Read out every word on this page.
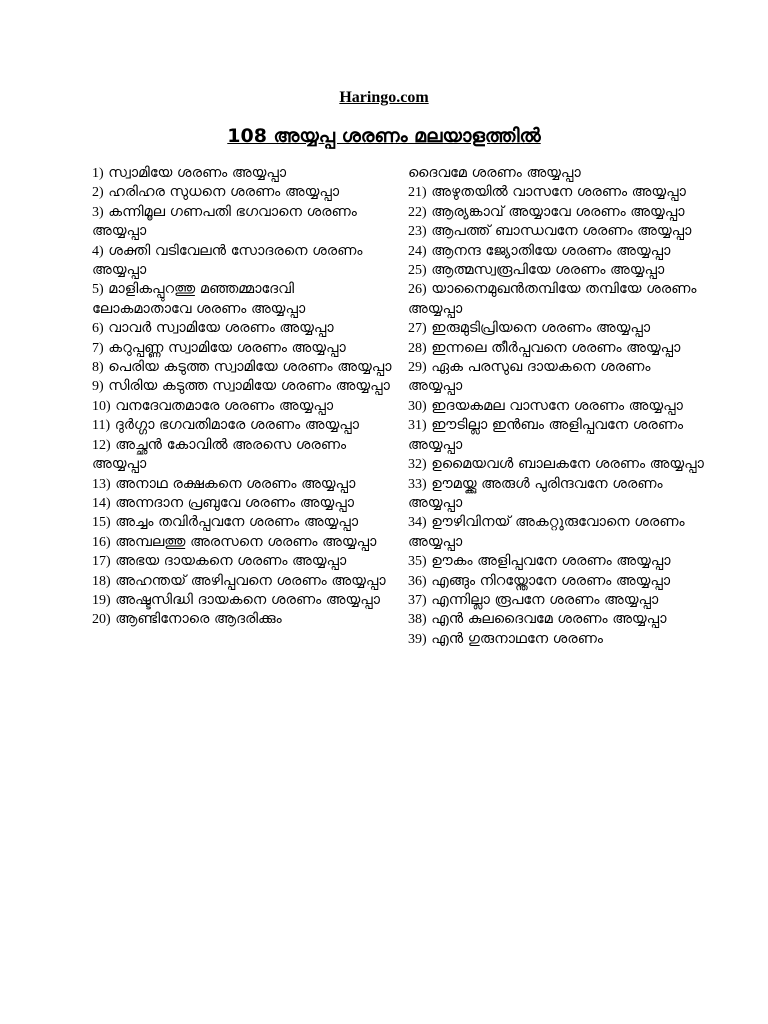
Haringo.com
108 അയ്യപ്പ ശരണം മലയാളത്തിൽ

1) സ്വാമിയേ ശരണം അയ്യപ്പാ

2) ഹരിഹര സുധനെ ശരണം അയ്യപ്പാ

3) കന്നിമൂല ഗണപതി ഭഗവാനെ ശരണം അയ്യപ്പാ

4) ശക്തി വടിവേലൻ സോദരനെ ശരണം അയ്യപ്പാ

5) മാളികപ്പുറത്തു മഞ്ഞമ്മാദേവി ലോകമാതാവേ ശരണം അയ്യപ്പാ

6) വാവർ സ്വാമിയേ ശരണം അയ്യപ്പാ

7) കറുപ്പണ്ണ സ്വാമിയേ ശരണം അയ്യപ്പാ

8) പെരിയ കടുത്ത സ്വാമിയേ ശരണം അയ്യപ്പാ

9) സിരിയ കടുത്ത സ്വാമിയേ ശരണം അയ്യപ്പാ

10) വനദേവതമാരേ ശരണം അയ്യപ്പാ

11) ദുർഗ്ഗാ ഭഗവതിമാരേ ശരണം അയ്യപ്പാ

12) അച്ഛൻ കോവിൽ അരസെ ശരണം അയ്യപ്പാ

13) അനാഥ രക്ഷകനെ ശരണം അയ്യപ്പാ

14) അന്നദാന പ്രബുവേ ശരണം അയ്യപ്പാ

15) അച്ചം തവിർപ്പവനേ ശരണം അയ്യപ്പാ

16) അമ്പലത്തു അരസനെ ശരണം അയ്യപ്പാ

17) അഭയ ദായകനെ ശരണം അയ്യപ്പാ

18) അഹന്തയ് അഴിപ്പവനെ ശരണം അയ്യപ്പാ

19) അഷ്ടസിദ്ധി ദായകനെ ശരണം അയ്യപ്പാ

20) ആണ്ടിനോരെ ആദരിക്കും

ദൈവമേ ശരണം അയ്യപ്പാ

21) അഴുതയിൽ വാസനേ ശരണം അയ്യപ്പാ

22) ആര്യങ്കാവ് അയ്യാവേ ശരണം അയ്യപ്പാ

23) ആപത്ത് ബാന്ധവനേ ശരണം അയ്യപ്പാ

24) ആനന്ദ ജ്യോതിയേ ശരണം അയ്യപ്പാ

25) ആത്മസ്വരൂപിയേ ശരണം അയ്യപ്പാ

26) യാനൈമുഖൻതമ്പിയേ തമ്പിയേ ശരണം അയ്യപ്പാ

27) ഇരുമുടിപ്രിയനെ ശരണം അയ്യപ്പാ

28) ഇന്നലെ തീർപ്പവനെ ശരണം അയ്യപ്പാ

29) ഏക പരസുഖ ദായകനെ ശരണം അയ്യപ്പാ

30) ഇദയകമല വാസനേ ശരണം അയ്യപ്പാ

31) ഈടില്ലാ ഇൻബം അളിപ്പവനേ ശരണം അയ്യപ്പാ

32) ഉമൈയവൾ ബാലകനേ ശരണം അയ്യപ്പാ

33) ഊമയ്ക്കു അരുൾ പുരിന്ദവനേ ശരണം അയ്യപ്പാ

34) ഊഴിവിനയ് അകറ്റുരുവോനെ ശരണം അയ്യപ്പാ

35) ഊകം അളിപ്പവനേ ശരണം അയ്യപ്പാ

36) എങ്ങും നിറയ്ന്തോനേ ശരണം അയ്യപ്പാ

37) എന്നില്ലാ രൂപനേ ശരണം അയ്യപ്പാ

38) എൻ കുലദൈവമേ ശരണം അയ്യപ്പാ

39) എൻ ഗുരുനാഥനേ ശരണം
